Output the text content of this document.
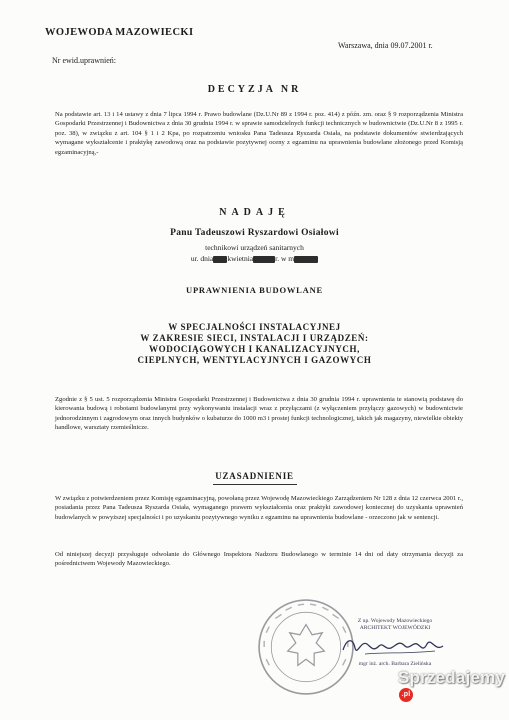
WOJEWODA MAZOWIECKI
Warszawa, dnia 09.07.2001 r.
Nr ewid.uprawnień:
DECYZJA NR
Na podstawie art. 13 i 14 ustawy z dnia 7 lipca 1994 r. Prawo budowlane (Dz.U.Nr 89 z 1994 r. poz. 414) z późn. zm. oraz § 9 rozporządzenia Ministra Gospodarki Przestrzennej i Budownictwa z dnia 30 grudnia 1994 r. w sprawie samodzielnych funkcji technicznych w budownictwie (Dz.U.Nr 8 z 1995 r. poz. 38), w związku z art. 104 § 1 i 2 Kpa, po rozpatrzeniu wniosku Pana Tadeusza Ryszarda Osiała, na podstawie dokumentów stwierdzających wymagane wykształcenie i praktykę zawodową oraz na podstawie pozytywnej oceny z egzaminu na uprawnienia budowlane złożonego przed Komisją egzaminacyjną,-
NADAJĘ
Panu Tadeuszowi Ryszardowi Osiałowi
technikowi urządzeń sanitarnych
ur. dnia kwietnia	r. w m
UPRAWNIENIA BUDOWLANE
W SPECJALNOŚCI INSTALACYJNEJ
W ZAKRESIE SIECI, INSTALACJI I URZĄDZEŃ:
WODOCIĄGOWYCH I KANALIZACYJNYCH,
CIEPLNYCH, WENTYLACYJNYCH I GAZOWYCH
Zgodnie z § 5 ust. 5 rozporządzenia Ministra Gospodarki Przestrzennej i Budownictwa z dnia 30 grudnia 1994 r. uprawnienia te stanowią podstawę do kierowania budową i robotami budowlanymi przy wykonywaniu instalacji wraz z przyłączami (z wyłączeniem przyłączy gazowych) w budownictwie jednorodzinnym i zagrodowym oraz innych budynków o kubaturze do 1000 m3 i prostej funkcji technologicznej, takich jak magazyny, niewielkie obiekty handlowe, warsztaty rzemieślnicze.
UZASADNIENIE
W związku z potwierdzeniem przez Komisję egzaminacyjną, powołaną przez Wojewodę Mazowieckiego Zarządzeniem Nr 128 z dnia 12 czerwca 2001 r., posiadania przez Pana Tadeusza Ryszarda Osiała, wymaganego prawem wykształcenia oraz praktyki zawodowej koniecznej do uzyskania uprawnień budowlanych w powyższej specjalności i po uzyskaniu pozytywnego wyniku z egzaminu na uprawnienia budowlane - orzeczono jak w sentencji.
Od niniejszej decyzji przysługuje odwołanie do Głównego Inspektora Nadzoru Budowlanego w terminie 14 dni od daty otrzymania decyzji za pośrednictwem Wojewody Mazowieckiego.
Z up. Wojewody Mazowieckiego
ARCHITEKT WOJEWÓDZKI
mgr inż. arch. Barbara Zielińska
Sprzedajemy.pl
